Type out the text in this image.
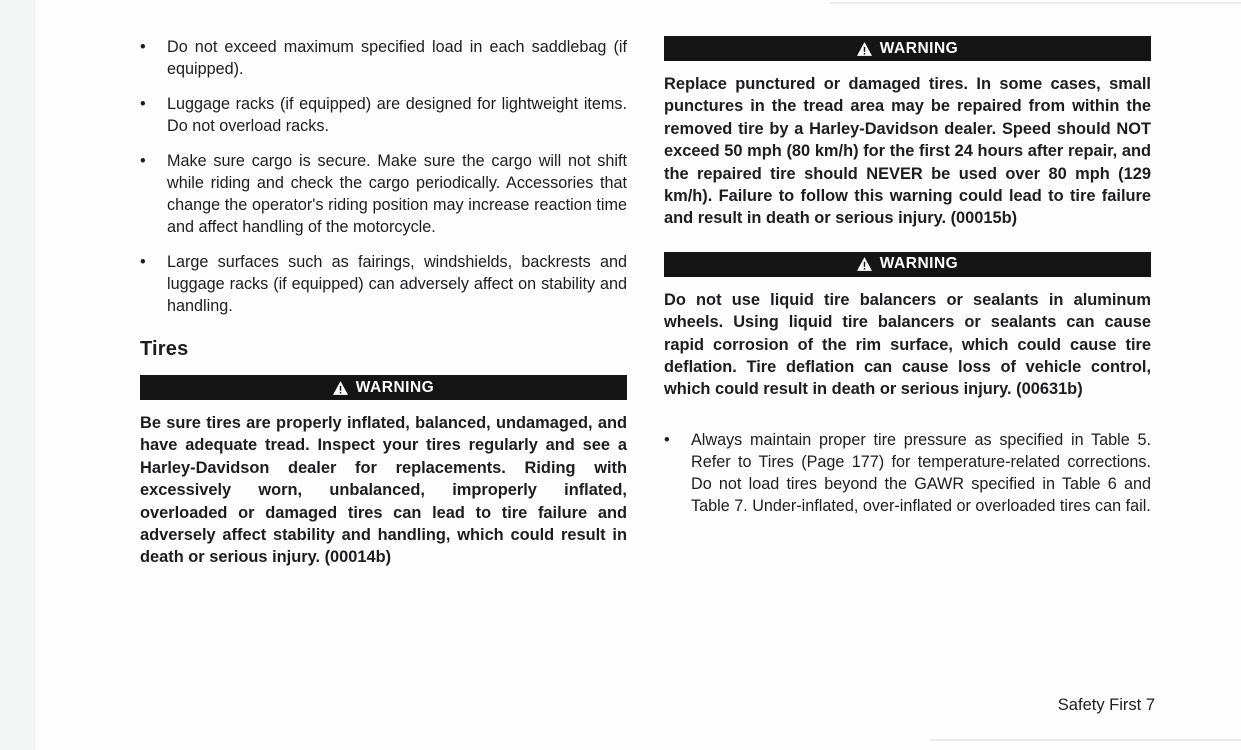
•	Do not exceed maximum specified load in each saddlebag (if equipped).
•	Luggage racks (if equipped) are designed for lightweight items. Do not overload racks.
•	Make sure cargo is secure. Make sure the cargo will not shift while riding and check the cargo periodically. Accessories that change the operator's riding position may increase reaction time and affect handling of the motorcycle.
•	Large surfaces such as fairings, windshields, backrests and luggage racks (if equipped) can adversely affect on stability and handling.
Tires
WARNING
Be sure tires are properly inflated, balanced, undamaged, and have adequate tread. Inspect your tires regularly and see a Harley-Davidson dealer for replacements. Riding with excessively worn, unbalanced, improperly inflated, overloaded or damaged tires can lead to tire failure and adversely affect stability and handling, which could result in death or serious injury. (00014b)
WARNING
Replace punctured or damaged tires. In some cases, small punctures in the tread area may be repaired from within the removed tire by a Harley-Davidson dealer. Speed should NOT exceed 50 mph (80 km/h) for the first 24 hours after repair, and the repaired tire should NEVER be used over 80 mph (129 km/h). Failure to follow this warning could lead to tire failure and result in death or serious injury. (00015b)
WARNING
Do not use liquid tire balancers or sealants in aluminum wheels. Using liquid tire balancers or sealants can cause rapid corrosion of the rim surface, which could cause tire deflation. Tire deflation can cause loss of vehicle control, which could result in death or serious injury. (00631b)
•	Always maintain proper tire pressure as specified in Table 5. Refer to Tires (Page 177) for temperature-related corrections. Do not load tires beyond the GAWR specified in Table 6 and Table 7. Under-inflated, over-inflated or overloaded tires can fail.
Safety First 7
